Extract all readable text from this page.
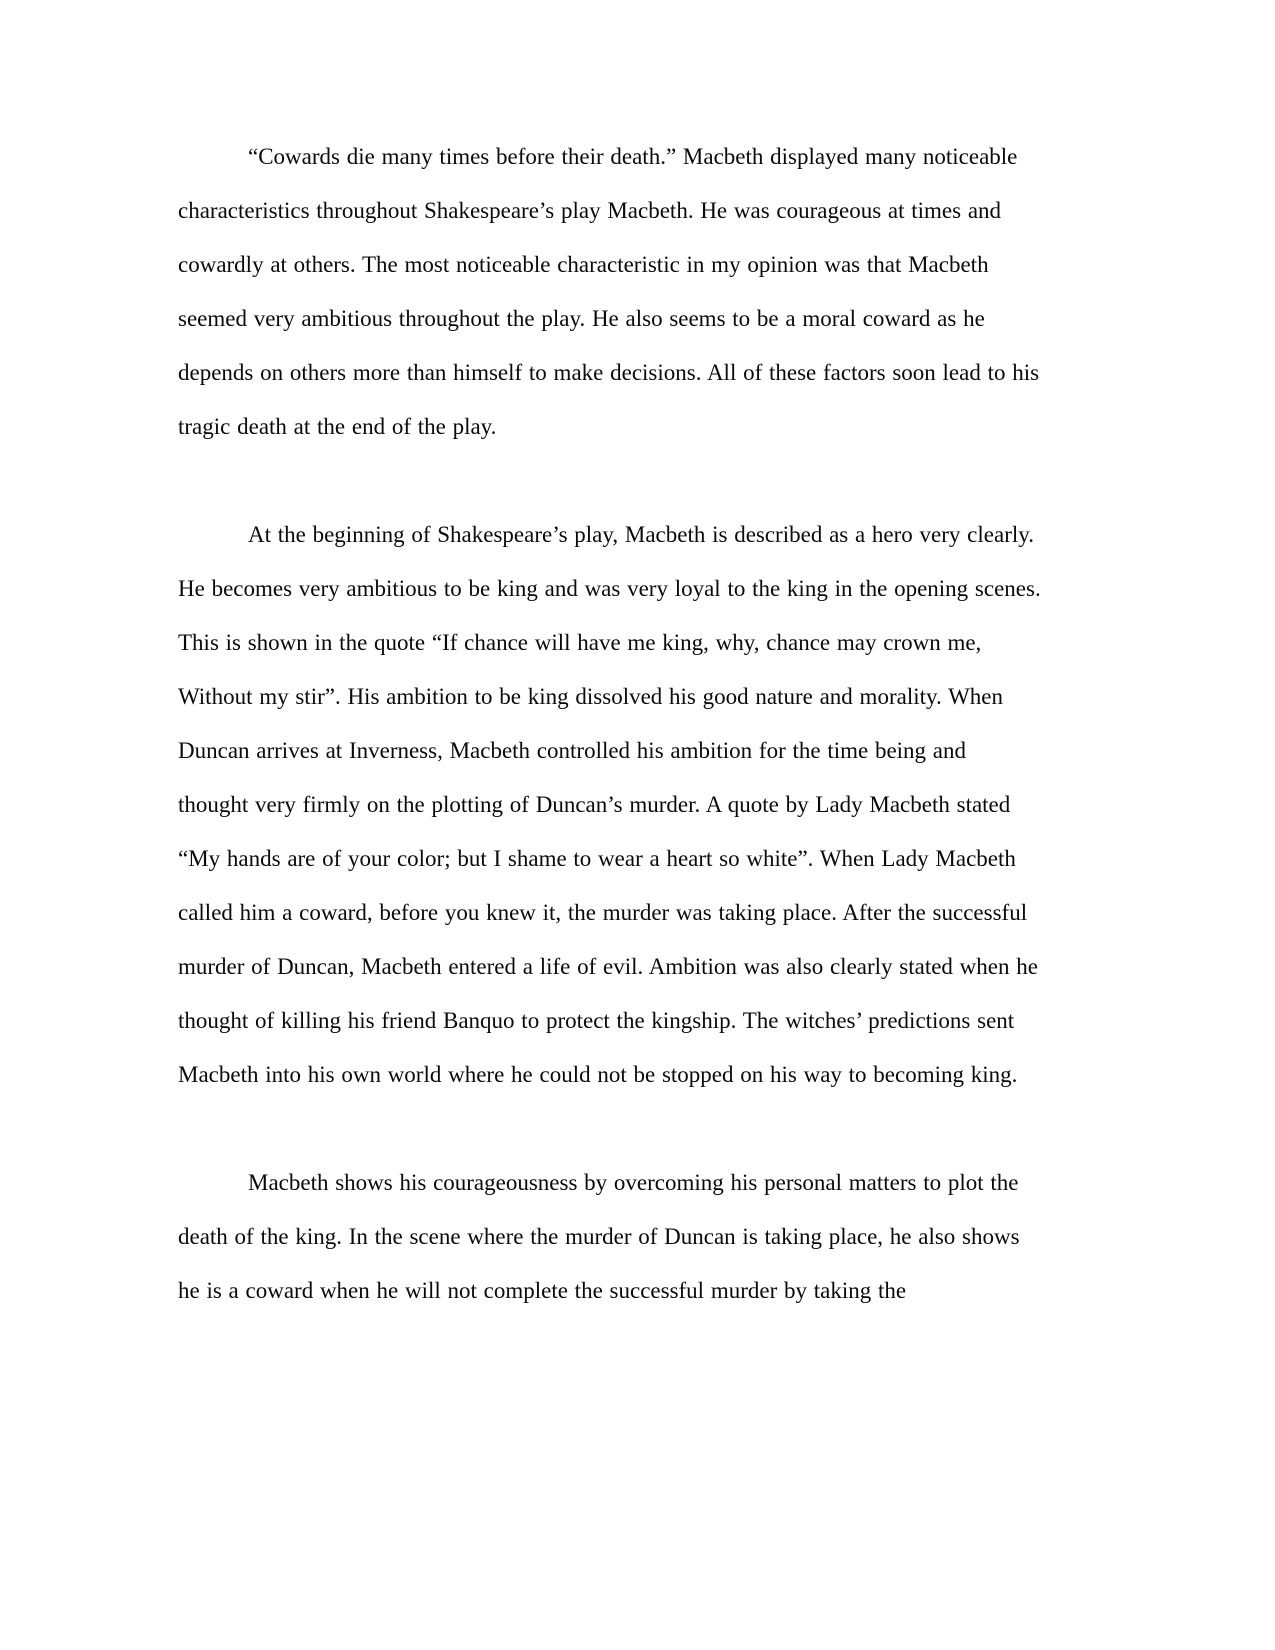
“Cowards die many times before their death.” Macbeth displayed many noticeable characteristics throughout Shakespeare’s play Macbeth. He was courageous at times and cowardly at others. The most noticeable characteristic in my opinion was that Macbeth seemed very ambitious throughout the play. He also seems to be a moral coward as he depends on others more than himself to make decisions. All of these factors soon lead to his tragic death at the end of the play.

At the beginning of Shakespeare’s play, Macbeth is described as a hero very clearly. He becomes very ambitious to be king and was very loyal to the king in the opening scenes. This is shown in the quote “If chance will have me king, why, chance may crown me, Without my stir”. His ambition to be king dissolved his good nature and morality. When Duncan arrives at Inverness, Macbeth controlled his ambition for the time being and thought very firmly on the plotting of Duncan’s murder. A quote by Lady Macbeth stated “My hands are of your color; but I shame to wear a heart so white”. When Lady Macbeth called him a coward, before you knew it, the murder was taking place. After the successful murder of Duncan, Macbeth entered a life of evil. Ambition was also clearly stated when he thought of killing his friend Banquo to protect the kingship. The witches’ predictions sent Macbeth into his own world where he could not be stopped on his way to becoming king.

Macbeth shows his courageousness by overcoming his personal matters to plot the death of the king. In the scene where the murder of Duncan is taking place, he also shows he is a coward when he will not complete the successful murder by taking the
